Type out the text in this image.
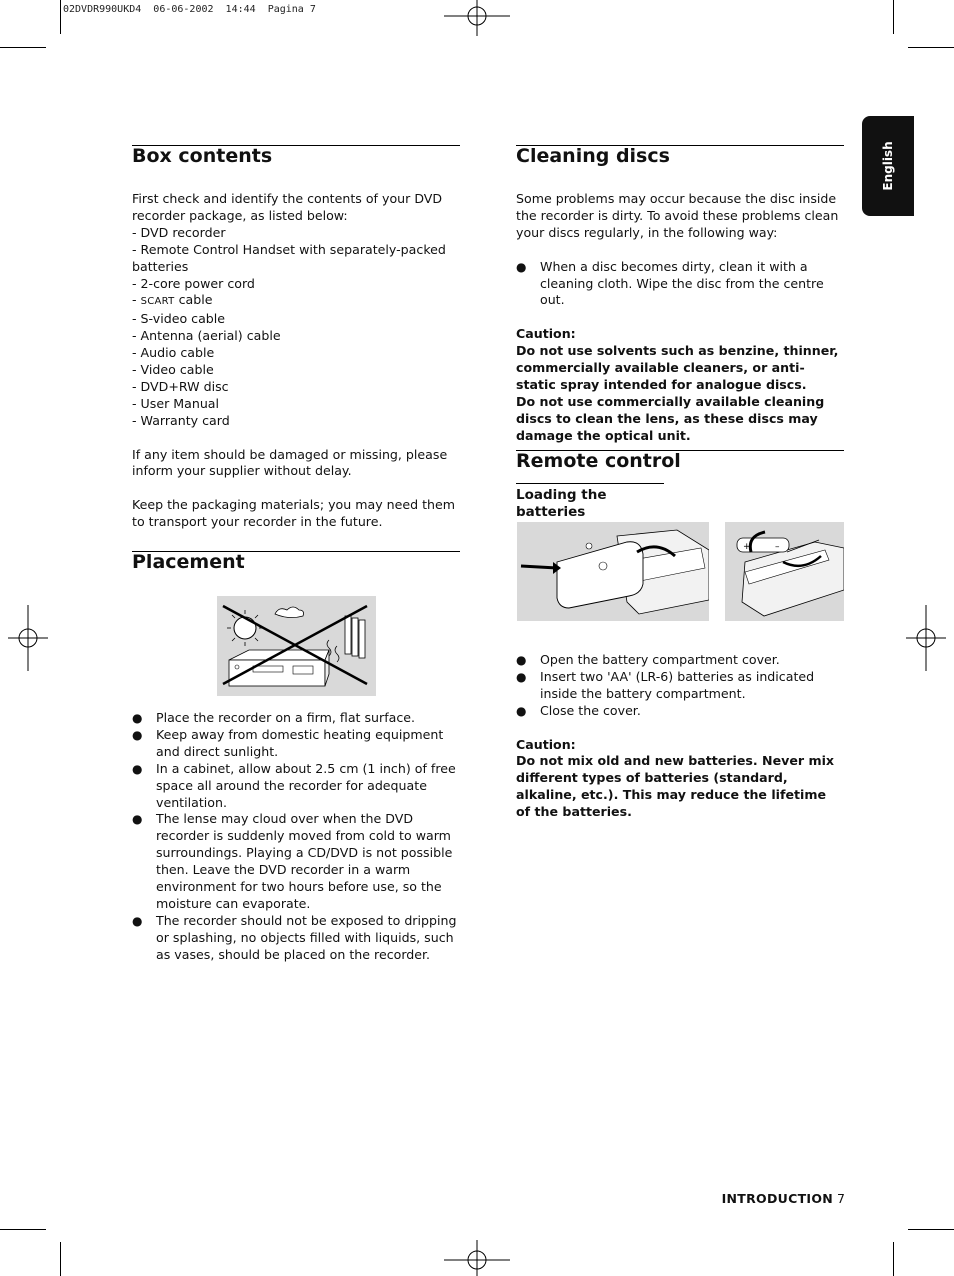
02DVDR990UKD4  06-06-2002  14:44  Pagina 7
English
Box contents

First check and identify the contents of your DVD recorder package, as listed below:

- DVD recorder

- Remote Control Handset with separately-packed batteries

- 2-core power cord

- SCART cable

- S-video cable

- Antenna (aerial) cable

- Audio cable

- Video cable

- DVD+RW disc

- User Manual

- Warranty card

If any item should be damaged or missing, please inform your supplier without delay.

Keep the packaging materials; you may need them to transport your recorder in the future.

Placement

● Place the recorder on a firm, flat surface.

● Keep away from domestic heating equipment and direct sunlight.

● In a cabinet, allow about 2.5 cm (1 inch) of free space all around the recorder for adequate ventilation.

● The lense may cloud over when the DVD recorder is suddenly moved from cold to warm surroundings. Playing a CD/DVD is not possible then. Leave the DVD recorder in a warm environment for two hours before use, so the moisture can evaporate.

● The recorder should not be exposed to dripping or splashing, no objects filled with liquids, such as vases, should be placed on the recorder.

Cleaning discs

Some problems may occur because the disc inside the recorder is dirty. To avoid these problems clean your discs regularly, in the following way:

● When a disc becomes dirty, clean it with a cleaning cloth. Wipe the disc from the centre out.

Caution:

Do not use solvents such as benzine, thinner, commercially available cleaners, or anti-static spray intended for analogue discs.

Do not use commercially available cleaning discs to clean the lens, as these discs may damage the optical unit.

Remote control
Loading the batteries
+	–

● Open the battery compartment cover.

● Insert two 'AA' (LR-6) batteries as indicated inside the battery compartment.

● Close the cover.

Caution:

Do not mix old and new batteries. Never mix different types of batteries (standard, alkaline, etc.). This may reduce the lifetime of the batteries.

INTRODUCTION 7
